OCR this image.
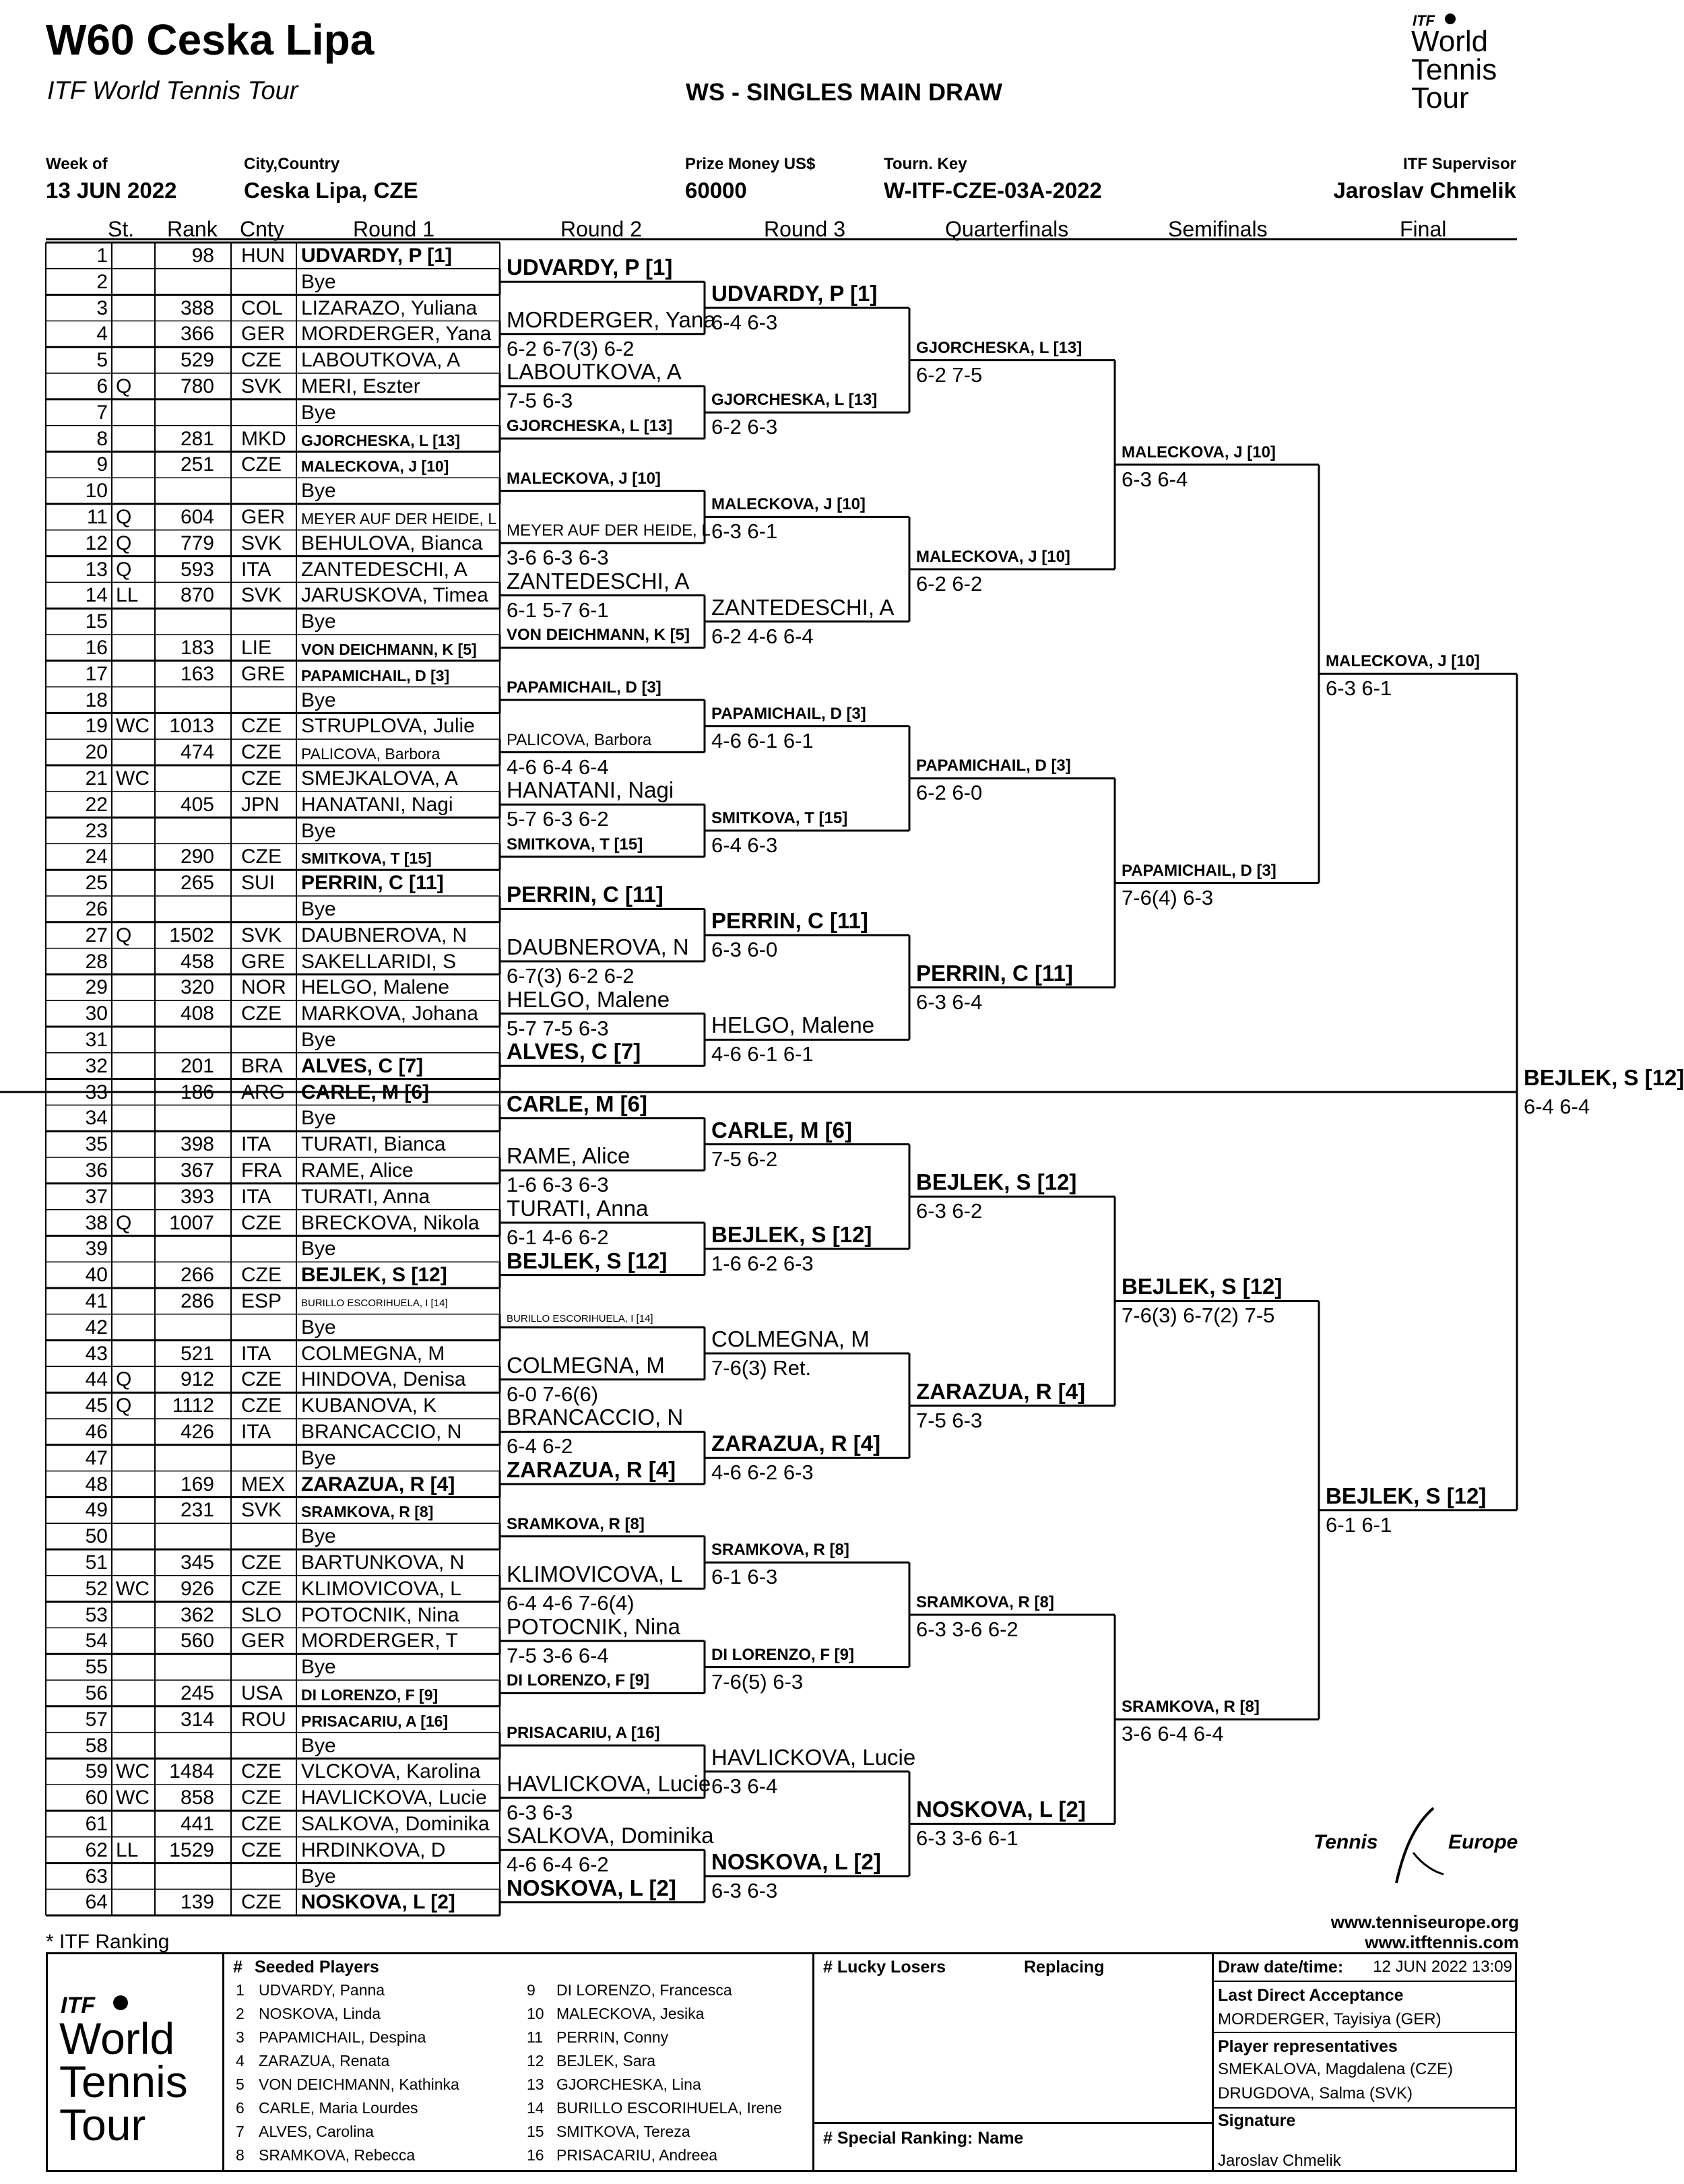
W60 Ceska Lipa
ITF World Tennis Tour	WS - SINGLES MAIN DRAW
ITF
World
Tennis
Tour
Week of
13 JUN 2022
City,Country
Ceska Lipa, CZE
Prize Money US$
60000
Tourn. Key
W-ITF-CZE-03A-2022
ITF Supervisor
Jaroslav Chmelik
St. Rank Cnty	Round 1	Round 2	Round 3	Quarterfinals	Semifinals	Final
1	98 HUN UDVARDY, P [1]
2	Bye
3	388 COL LIZARAZO, Yuliana
4	366 GER MORDERGER, Yana
5	529 CZE LABOUTKOVA, A
6 Q 780 SVK MERI, Eszter
7	Bye
8	281 MKD GJORCHESKA, L [13]
9	251 CZE MALECKOVA, J [10]
10	Bye
11 Q 604 GER MEYER AUF DER HEIDE, L
12 Q 779 SVK BEHULOVA, Bianca
13 Q 593 ITA ZANTEDESCHI, A
14 LL 870 SVK JARUSKOVA, Timea
15	Bye
16	183 LIE VON DEICHMANN, K [5]
17	163 GRE PAPAMICHAIL, D [3]
18	Bye
19 WC 1013 CZE STRUPLOVA, Julie
20	474 CZE PALICOVA, Barbora
21 WC	CZE SMEJKALOVA, A
22	405 JPN HANATANI, Nagi
23	Bye
24	290 CZE SMITKOVA, T [15]
25	265 SUI PERRIN, C [11]
26	Bye
27 Q 1502 SVK DAUBNEROVA, N
28	458 GRE SAKELLARIDI, S
29	320 NOR HELGO, Malene
30	408 CZE MARKOVA, Johana
31	Bye
32	201 BRA ALVES, C [7]
33	186 ARG CARLE, M [6]
34	Bye
35	398 ITA TURATI, Bianca
36	367 FRA RAME, Alice
37	393 ITA TURATI, Anna
38 Q 1007 CZE BRECKOVA, Nikola
39	Bye
40	266 CZE BEJLEK, S [12]
41	286 ESP BURILLO ESCORIHUELA, I [14]
42	Bye
43	521 ITA COLMEGNA, M
44 Q 912 CZE HINDOVA, Denisa
45 Q 1112 CZE KUBANOVA, K
46	426 ITA BRANCACCIO, N
47	Bye
48	169 MEX ZARAZUA, R [4]
49	231 SVK SRAMKOVA, R [8]
50	Bye
51	345 CZE BARTUNKOVA, N
52 WC 926 CZE KLIMOVICOVA, L
53	362 SLO POTOCNIK, Nina
54	560 GER MORDERGER, T
55	Bye
56	245 USA DI LORENZO, F [9]
57	314 ROU PRISACARIU, A [16]
58	Bye
59 WC 1484 CZE VLCKOVA, Karolina
60 WC 858 CZE HAVLICKOVA, Lucie
61	441 CZE SALKOVA, Dominika
62 LL 1529 CZE HRDINKOVA, D
63	Bye
64	139 CZE NOSKOVA, L [2]
UDVARDY, P [1]
MORDERGER, Yana
6-2 6-7(3) 6-2
LABOUTKOVA, A
7-5 6-3
GJORCHESKA, L [13]
MALECKOVA, J [10]
MEYER AUF DER HEIDE, L
3-6 6-3 6-3
ZANTEDESCHI, A
6-1 5-7 6-1
VON DEICHMANN, K [5]
PAPAMICHAIL, D [3]
PALICOVA, Barbora
4-6 6-4 6-4
HANATANI, Nagi
5-7 6-3 6-2
SMITKOVA, T [15]
PERRIN, C [11]
DAUBNEROVA, N
6-7(3) 6-2 6-2
HELGO, Malene
5-7 7-5 6-3
ALVES, C [7]
CARLE, M [6]
RAME, Alice
1-6 6-3 6-3
TURATI, Anna
6-1 4-6 6-2
BEJLEK, S [12]
BURILLO ESCORIHUELA, I [14]
COLMEGNA, M
6-0 7-6(6)
BRANCACCIO, N
6-4 6-2
ZARAZUA, R [4]
SRAMKOVA, R [8]
KLIMOVICOVA, L
6-4 4-6 7-6(4)
POTOCNIK, Nina
7-5 3-6 6-4
DI LORENZO, F [9]
PRISACARIU, A [16]
HAVLICKOVA, Lucie
6-3 6-3
SALKOVA, Dominika
4-6 6-4 6-2
NOSKOVA, L [2]
UDVARDY, P [1]
6-4 6-3
GJORCHESKA, L [13]
6-2 6-3
MALECKOVA, J [10]
6-3 6-1
ZANTEDESCHI, A
6-2 4-6 6-4
PAPAMICHAIL, D [3]
4-6 6-1 6-1
SMITKOVA, T [15]
6-4 6-3
PERRIN, C [11]
6-3 6-0
HELGO, Malene
4-6 6-1 6-1
CARLE, M [6]
7-5 6-2
BEJLEK, S [12]
1-6 6-2 6-3
COLMEGNA, M
7-6(3) Ret.
ZARAZUA, R [4]
4-6 6-2 6-3
SRAMKOVA, R [8]
6-1 6-3
DI LORENZO, F [9]
7-6(5) 6-3
HAVLICKOVA, Lucie
6-3 6-4
NOSKOVA, L [2]
6-3 6-3
GJORCHESKA, L [13]
6-2 7-5
MALECKOVA, J [10]
6-2 6-2
PAPAMICHAIL, D [3]
6-2 6-0
PERRIN, C [11]
6-3 6-4
BEJLEK, S [12]
6-3 6-2
ZARAZUA, R [4]
7-5 6-3
SRAMKOVA, R [8]
6-3 3-6 6-2
NOSKOVA, L [2]
6-3 3-6 6-1
MALECKOVA, J [10]
6-3 6-4
PAPAMICHAIL, D [3]
7-6(4) 6-3
BEJLEK, S [12]
7-6(3) 6-7(2) 7-5
SRAMKOVA, R [8]
3-6 6-4 6-4
MALECKOVA, J [10]
6-3 6-1
BEJLEK, S [12]
6-1 6-1
BEJLEK, S [12]
6-4 6-4
* ITF Ranking
Tennis	Europe
www.tenniseurope.org
www.itftennis.com
ITF
World
Tennis
Tour
# Seeded Players
1 UDVARDY, Panna
2 NOSKOVA, Linda
3 PAPAMICHAIL, Despina
4 ZARAZUA, Renata
5 VON DEICHMANN, Kathinka
6 CARLE, Maria Lourdes
7 ALVES, Carolina
8 SRAMKOVA, Rebecca
9 DI LORENZO, Francesca
10 MALECKOVA, Jesika
11 PERRIN, Conny
12 BEJLEK, Sara
13 GJORCHESKA, Lina
14 BURILLO ESCORIHUELA, Irene
15 SMITKOVA, Tereza
16 PRISACARIU, Andreea
# Lucky Losers	Replacing
# Special Ranking: Name
Draw date/time: 12 JUN 2022 13:09
Last Direct Acceptance
MORDERGER, Tayisiya (GER)
Player representatives
SMEKALOVA, Magdalena (CZE)
DRUGDOVA, Salma (SVK)
Signature
Jaroslav Chmelik
